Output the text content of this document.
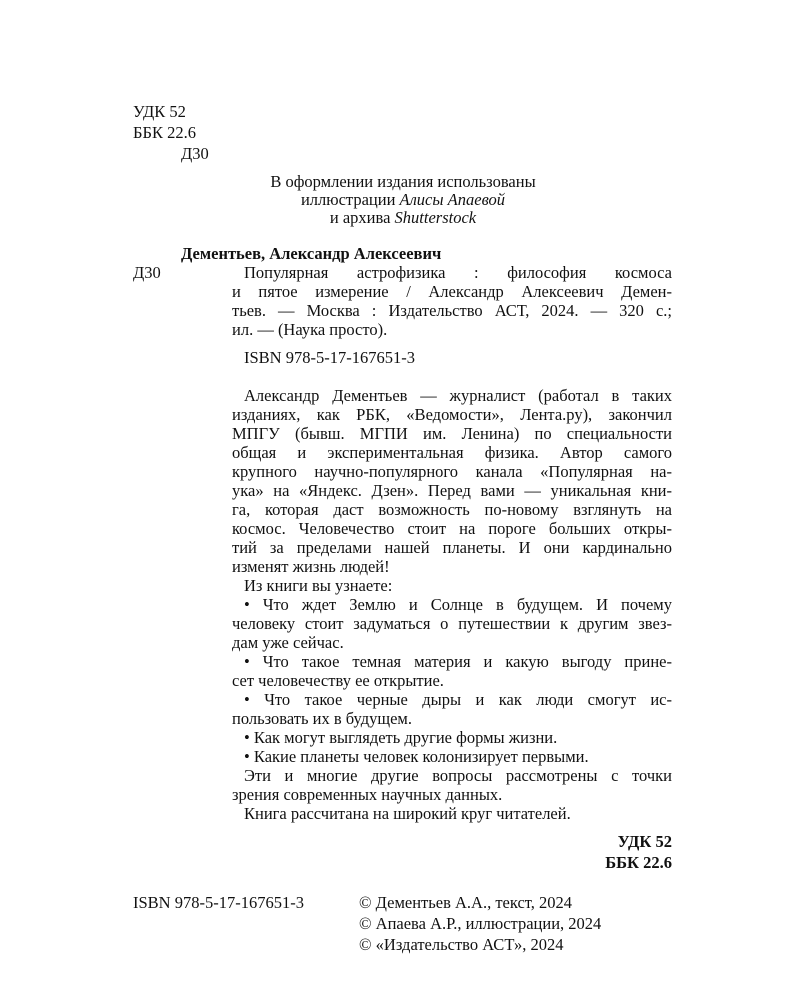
УДК 52
ББК 22.6
Д30
В оформлении издания использованы
иллюстрации Алисы Апаевой
и архива Shutterstock
Дементьев, Александр Алексеевич
Д30	Популярная астрофизика : философия космоса
и пятое измерение / Александр Алексеевич Демен-
тьев. — Москва : Издательство АСТ, 2024. — 320 с.;
ил. — (Наука просто).
ISBN 978-5-17-167651-3
Александр Дементьев — журналист (работал в таких
изданиях, как РБК, «Ведомости», Лента.ру), закончил
МПГУ (бывш. МГПИ им. Ленина) по специальности
общая и экспериментальная физика. Автор самого
крупного научно-популярного канала «Популярная на-
ука» на «Яндекс. Дзен». Перед вами — уникальная кни-
га, которая даст возможность по-новому взглянуть на
космос. Человечество стоит на пороге больших откры-
тий за пределами нашей планеты. И они кардинально
изменят жизнь людей!
Из книги вы узнаете:
• Что ждет Землю и Солнце в будущем. И почему
человеку стоит задуматься о путешествии к другим звез-
дам уже сейчас.
• Что такое темная материя и какую выгоду прине-
сет человечеству ее открытие.
• Что такое черные дыры и как люди смогут ис-
пользовать их в будущем.
• Как могут выглядеть другие формы жизни.
• Какие планеты человек колонизирует первыми.
Эти и многие другие вопросы рассмотрены с точки
зрения современных научных данных.
Книга рассчитана на широкий круг читателей.
УДК 52
ББК 22.6
ISBN 978-5-17-167651-3	© Дементьев А.А., текст, 2024
© Апаева А.Р., иллюстрации, 2024
© «Издательство АСТ», 2024
